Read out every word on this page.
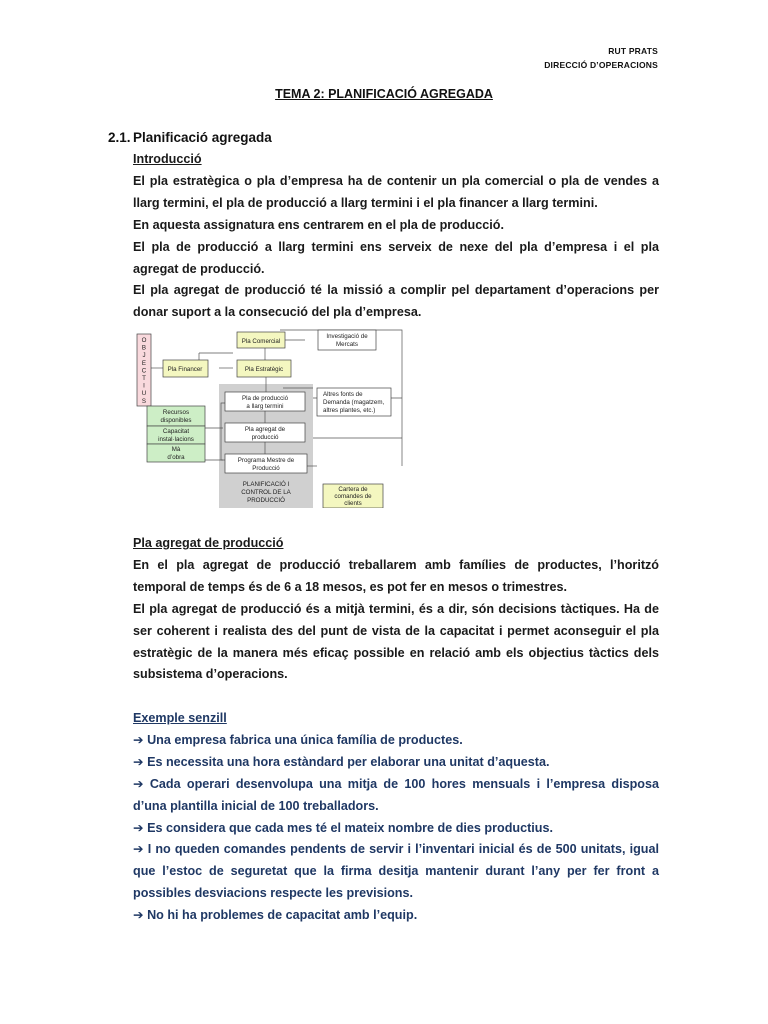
RUT PRATS
DIRECCIÓ D’OPERACIONS
TEMA 2: PLANIFICACIÓ AGREGADA
2.1. Planificació agregada

Introducció

El pla estratègica o pla d’empresa ha de contenir un pla comercial o pla de vendes a llarg termini, el pla de producció a llarg termini i el pla financer a llarg termini.

En aquesta assignatura ens centrarem en el pla de producció.

El pla de producció a llarg termini ens serveix de nexe del pla d’empresa i el pla agregat de producció.

El pla agregat de producció té la missió a complir pel departament d’operacions per donar suport a la consecució del pla d’empresa.

O
B
J
E
C
T
I
U
S
Pla Comercial
Pla Financer	Pla Estratègic
Investigació de
Mercats
Pla de producció
a llarg termini
Altres fonts de
Demanda (magatzem,
altres plantes, etc.)
Recursos
disponibles
Capacitat
instal·lacions
Mà
d’obra
Pla agregat de
producció
Programa Mestre de
Producció
PLANIFICACIÓ I
CONTROL DE LA
PRODUCCIÓ
Cartera de
comandes de
clients

Pla agregat de producció

En el pla agregat de producció treballarem amb famílies de productes, l’horitzó temporal de temps és de 6 a 18 mesos, es pot fer en mesos o trimestres.

El pla agregat de producció és a mitjà termini, és a dir, són decisions tàctiques. Ha de ser coherent i realista des del punt de vista de la capacitat i permet aconseguir el pla estratègic de la manera més eficaç possible en relació amb els objectius tàctics dels subsistema d’operacions.

Exemple senzill

➔ Una empresa fabrica una única família de productes.

➔ Es necessita una hora estàndard per elaborar una unitat d’aquesta.

➔ Cada operari desenvolupa una mitja de 100 hores mensuals i l’empresa disposa d’una plantilla inicial de 100 treballadors.

➔ Es considera que cada mes té el mateix nombre de dies productius.

➔ I no queden comandes pendents de servir i l’inventari inicial és de 500 unitats, igual que l’estoc de seguretat que la firma desitja mantenir durant l’any per fer front a possibles desviacions respecte les previsions.

➔ No hi ha problemes de capacitat amb l’equip.
